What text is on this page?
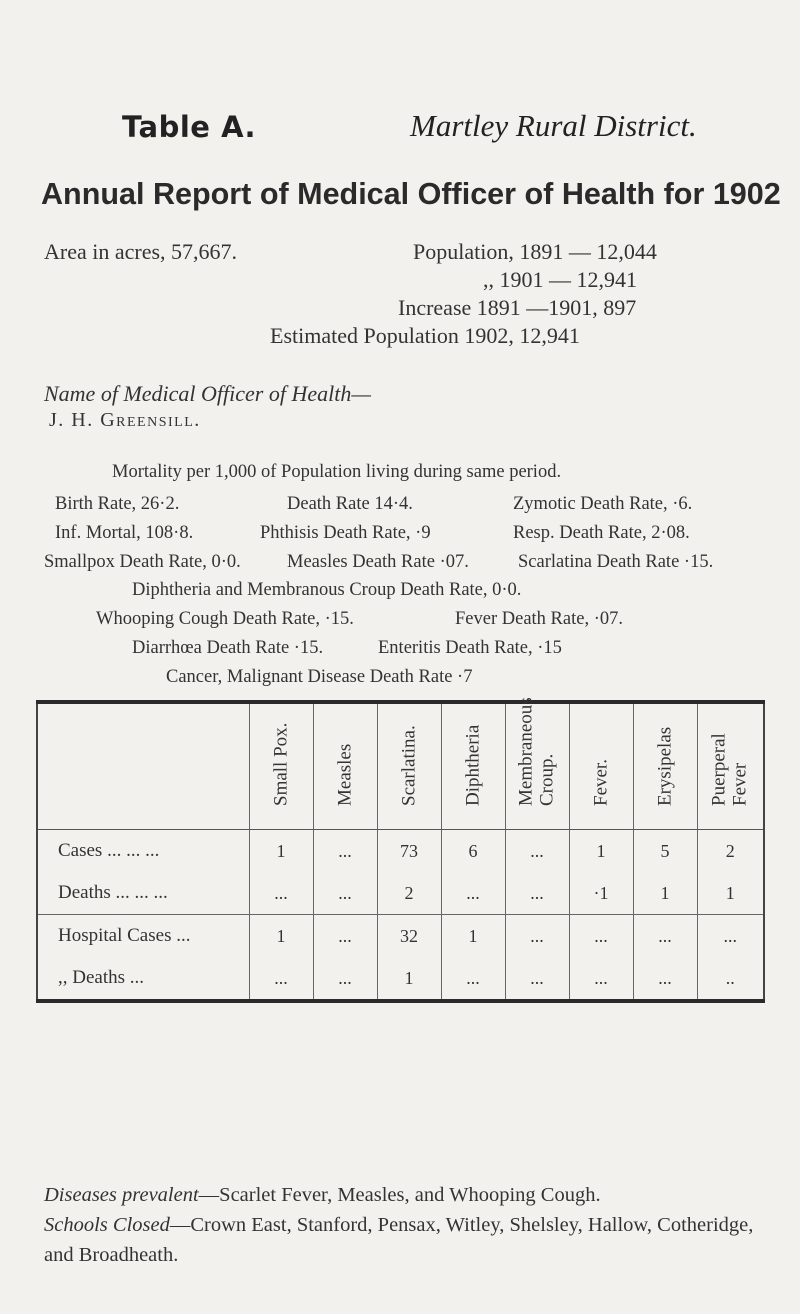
Table A.	Martley Rural District.
Annual Report of Medical Officer of Health for 1902
Area in acres, 57,667.	Population, 1891 — 12,044
,, 1901 — 12,941
Increase 1891 —1901, 897
Estimated Population 1902, 12,941
Name of Medical Officer of Health—
J. H. Greensill.
Mortality per 1,000 of Population living during same period.
Birth Rate, 26·2.	Death Rate 14·4.	Zymotic Death Rate, ·6.
Inf. Mortal, 108·8.	Phthisis Death Rate, ·9	Resp. Death Rate, 2·08.
Smallpox Death Rate, 0·0. Measles Death Rate ·07.	Scarlatina Death Rate ·15.
Diphtheria and Membranous Croup Death Rate, 0·0.
Whooping Cough Death Rate, ·15.	Fever Death Rate, ·07.
Diarrhœa Death Rate ·15.	Enteritis Death Rate, ·15
Cancer, Malignant Disease Death Rate ·7

	Small Pox.	Measles	Scarlatina.	Diphtheria	Membraneous Croup.	Fever.	Erysipelas	Puerperal Fever

Cases ... ... ...	1	...	73	6	...	1	5	2
Deaths ... ... ...	...	...	2	...	...	·1	1	1
Hospital Cases ...	1	...	32	1	...	...	...	...
,, Deaths ...	...	...	1	...	...	...	...	..
Diseases prevalent—Scarlet Fever, Measles, and Whooping Cough.
Schools Closed—Crown East, Stanford, Pensax, Witley, Shelsley, Hallow, Cotheridge, and Broadheath.
